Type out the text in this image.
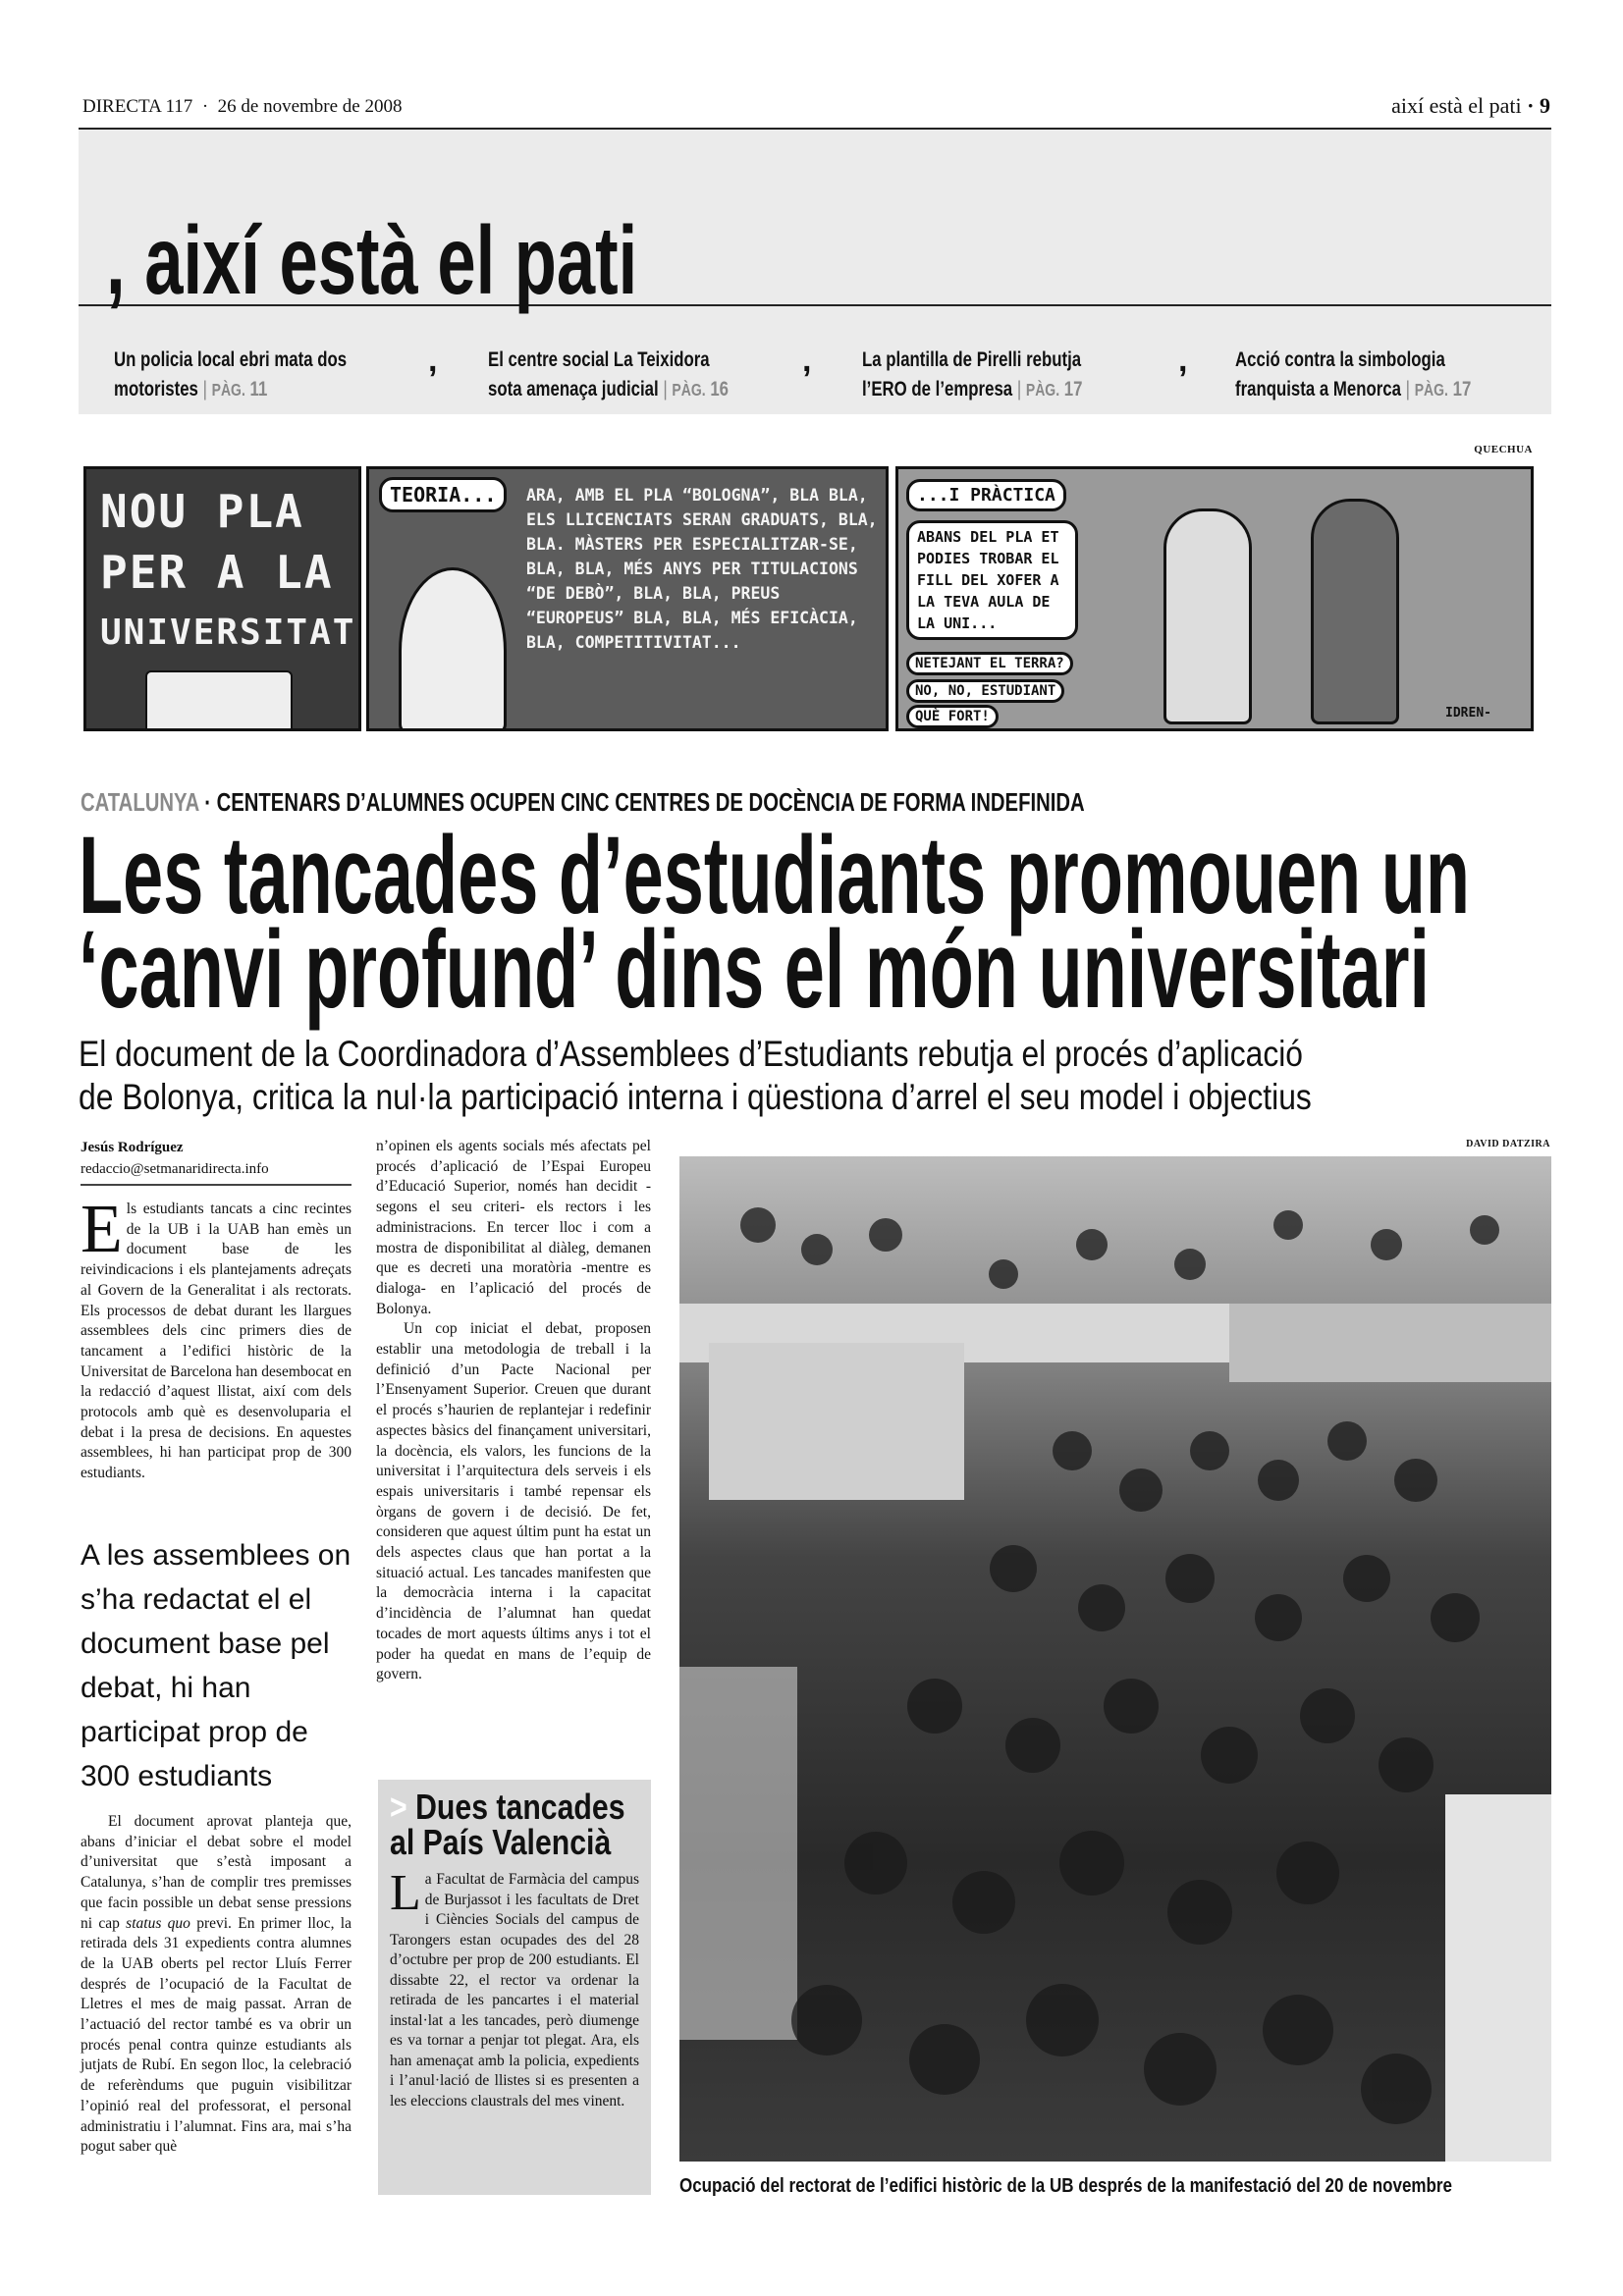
DIRECTA 117 · 26 de novembre de 2008	així està el pati · 9
, així està el pati
Un policia local ebri mata dos
motoristes | PÀG. 11
, El centre social La Teixidora
sota amenaça judicial | PÀG. 16
, La plantilla de Pirelli rebutja
l’ERO de l’empresa | PÀG. 17
, Acció contra la simbologia
franquista a Menorca | PÀG. 17
QUECHUA
NOU PLA
PER A LA
UNIVERSITAT
TEORIA...	ARA, AMB EL PLA “BOLOGNA”, BLA BLA, ELS LLICENCIATS SERAN GRADUATS, BLA, BLA. MÀSTERS PER ESPECIALITZAR-SE, BLA, BLA, MÉS ANYS PER TITULACIONS “DE DEBÒ”, BLA, BLA, PREUS “EUROPEUS” BLA, BLA, MÉS EFICÀCIA, BLA, COMPETITIVITAT...
...I PRÀCTICA
ABANS DEL PLA ET PODIES TROBAR EL FILL DEL XOFER A LA TEVA AULA DE LA UNI...
NETEJANT EL TERRA?
NO, NO, ESTUDIANT
QUÈ FORT!	IDREN-
CATALUNYA · CENTENARS D’ALUMNES OCUPEN CINC CENTRES DE DOCÈNCIA DE FORMA INDEFINIDA
Les tancades d’estudiants promouen un
‘canvi profund’ dins el món universitari
El document de la Coordinadora d’Assemblees d’Estudiants rebutja el procés d’aplicació
de Bolonya, critica la nul·la participació interna i qüestiona d’arrel el seu model i objectius
Jesús Rodríguez
redaccio@setmanaridirecta.info

Els estudiants tancats a cinc recintes de la UB i la UAB han emès un document base de les reivindicacions i els plantejaments adreçats al Govern de la Generalitat i als rectorats. Els processos de debat durant les llargues assemblees dels cinc primers dies de tancament a l’edifici històric de la Universitat de Barcelona han desembocat en la redacció d’aquest llistat, així com dels protocols amb què es desenvoluparia el debat i la presa de decisions. En aquestes assemblees, hi han participat prop de 300 estudiants.

A les assemblees on s’ha redactat el el document base pel debat, hi han participat prop de 300 estudiants

El document aprovat planteja que, abans d’iniciar el debat sobre el model d’universitat que s’està imposant a Catalunya, s’han de complir tres premisses que facin possible un debat sense pressions ni cap status quo previ. En primer lloc, la retirada dels 31 expedients contra alumnes de la UAB oberts pel rector Lluís Ferrer després de l’ocupació de la Facultat de Lletres el mes de maig passat. Arran de l’actuació del rector també es va obrir un procés penal contra quinze estudiants als jutjats de Rubí. En segon lloc, la celebració de referèndums que puguin visibilitzar l’opinió real del professorat, el personal administratiu i l’alumnat. Fins ara, mai s’ha pogut saber què

n’opinen els agents socials més afectats pel procés d’aplicació de l’Espai Europeu d’Educació Superior, només han decidit -segons el seu criteri- els rectors i les administracions. En tercer lloc i com a mostra de disponibilitat al diàleg, demanen que es decreti una moratòria -mentre es dialoga- en l’aplicació del procés de Bolonya.

Un cop iniciat el debat, proposen establir una metodologia de treball i la definició d’un Pacte Nacional per l’Ensenyament Superior. Creuen que durant el procés s’haurien de replantejar i redefinir aspectes bàsics del finançament universitari, la docència, els valors, les funcions de la universitat i l’arquitectura dels serveis i els espais universitaris i també repensar els òrgans de govern i de decisió. De fet, consideren que aquest últim punt ha estat un dels aspectes claus que han portat a la situació actual. Les tancades manifesten que la democràcia interna i la capacitat d’incidència de l’alumnat han quedat tocades de mort aquests últims anys i tot el poder ha quedat en mans de l’equip de govern.

> Dues tancades al País Valencià
La Facultat de Farmàcia del campus de Burjassot i les facultats de Dret i Ciències Socials del campus de Tarongers estan ocupades des del 28 d’octubre per prop de 200 estudiants. El dissabte 22, el rector va ordenar la retirada de les pancartes i el material instal·lat a les tancades, però diumenge es va tornar a penjar tot plegat. Ara, els han amenaçat amb la policia, expedients i l’anul·lació de llistes si es presenten a les eleccions claustrals del mes vinent.
DAVID DATZIRA
Ocupació del rectorat de l’edifici històric de la UB després de la manifestació del 20 de novembre
